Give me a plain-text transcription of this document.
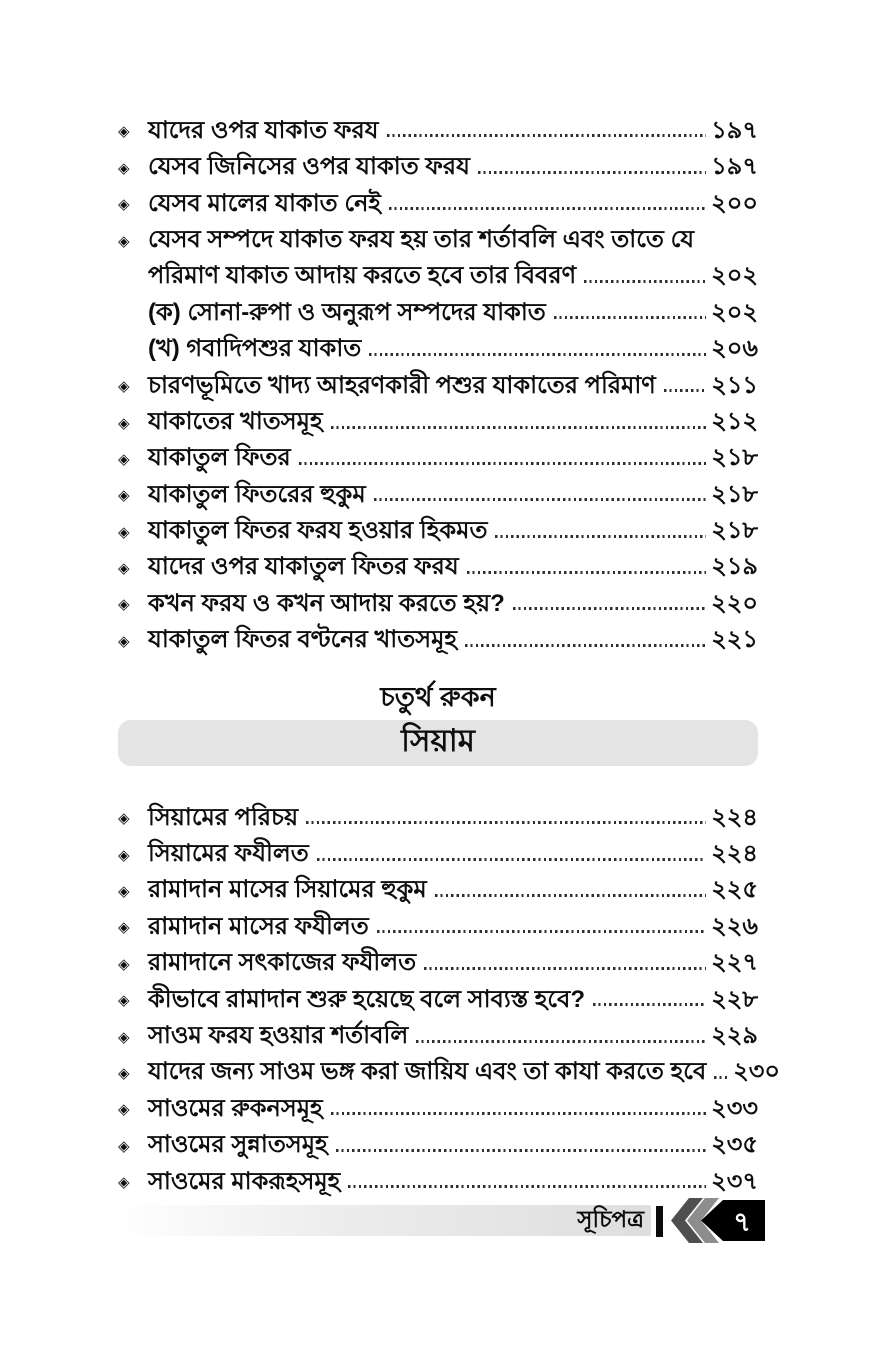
◈ যাদের ওপর যাকাত ফরয	১৯৭
◈ যেসব জিনিসের ওপর যাকাত ফরয	১৯৭
◈ যেসব মালের যাকাত নেই	২০০
◈ যেসব সম্পদে যাকাত ফরয হয় তার শর্তাবলি এবং তাতে যে
পরিমাণ যাকাত আদায় করতে হবে তার বিবরণ	২০২
(ক) সোনা-রুপা ও অনুরূপ সম্পদের যাকাত	২০২
(খ) গবাদিপশুর যাকাত	২০৬
◈ চারণভূমিতে খাদ্য আহরণকারী পশুর যাকাতের পরিমাণ ২১১
◈ যাকাতের খাতসমূহ	২১২
◈ যাকাতুল ফিতর	২১৮
◈ যাকাতুল ফিতরের হুকুম	২১৮
◈ যাকাতুল ফিতর ফরয হওয়ার হিকমত	২১৮
◈ যাদের ওপর যাকাতুল ফিতর ফরয	২১৯
◈ কখন ফরয ও কখন আদায় করতে হয়?	২২০
◈ যাকাতুল ফিতর বণ্টনের খাতসমূহ	২২১
চতুর্থ রুকন
সিয়াম
◈ সিয়ামের পরিচয়	২২৪
◈ সিয়ামের ফযীলত	২২৪
◈ রামাদান মাসের সিয়ামের হুকুম	২২৫
◈ রামাদান মাসের ফযীলত	২২৬
◈ রামাদানে সৎকাজের ফযীলত	২২৭
◈ কীভাবে রামাদান শুরু হয়েছে বলে সাব্যস্ত হবে?	২২৮
◈ সাওম ফরয হওয়ার শর্তাবলি	২২৯
◈ যাদের জন্য সাওম ভঙ্গ করা জায়িয এবং তা কাযা করতে হবে ২৩০
◈ সাওমের রুকনসমূহ	২৩৩
◈ সাওমের সুন্নাতসমূহ	২৩৫
◈ সাওমের মাকরূহসমূহ	২৩৭
সূচিপত্র	৭
